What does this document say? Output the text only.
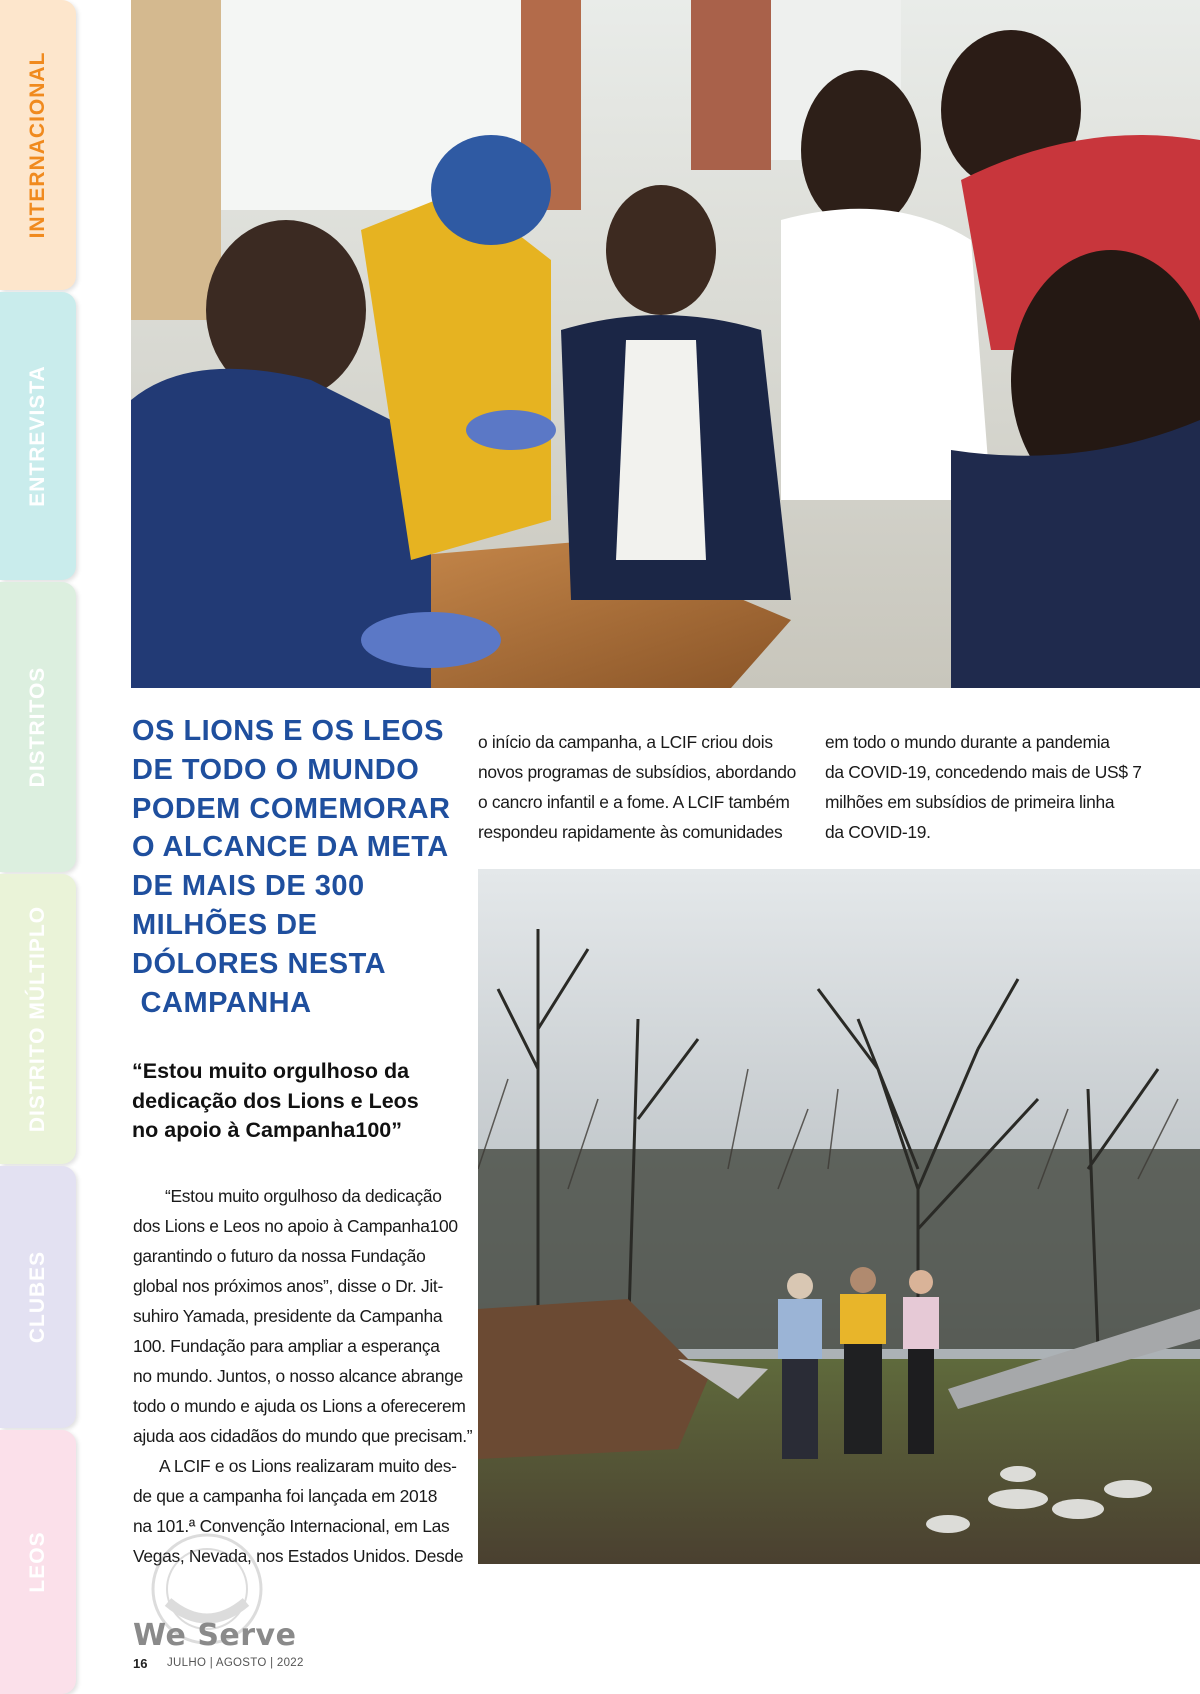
INTERNACIONAL
ENTREVISTA
DISTRITOS
DISTRITO MÚLTIPLO
CLUBES
LEOS
OS LIONS E OS LEOS
DE TODO O MUNDO
PODEM COMEMORAR
O ALCANCE DA META
DE MAIS DE 300
MILHÕES DE
DÓLORES NESTA
CAMPANHA
“Estou muito orgulhoso da
dedicação dos Lions e Leos
no apoio à Campanha100”
“Estou muito orgulhoso da dedicação
dos Lions e Leos no apoio à Campanha100
garantindo o futuro da nossa Fundação
global nos próximos anos”, disse o Dr. Jit-
suhiro Yamada, presidente da Campanha
100. Fundação para ampliar a esperança
no mundo. Juntos, o nosso alcance abrange
todo o mundo e ajuda os Lions a oferecerem
ajuda aos cidadãos do mundo que precisam.”
A LCIF e os Lions realizaram muito des-
de que a campanha foi lançada em 2018
na 101.ª Convenção Internacional, em Las
Vegas, Nevada, nos Estados Unidos. Desde
o início da campanha, a LCIF criou dois
novos programas de subsídios, abordando
o cancro infantil e a fome. A LCIF também
respondeu rapidamente às comunidades
em todo o mundo durante a pandemia
da COVID-19, concedendo mais de US$ 7
milhões em subsídios de primeira linha
da COVID-19.
We Serve
16 JULHO | AGOSTO | 2022
